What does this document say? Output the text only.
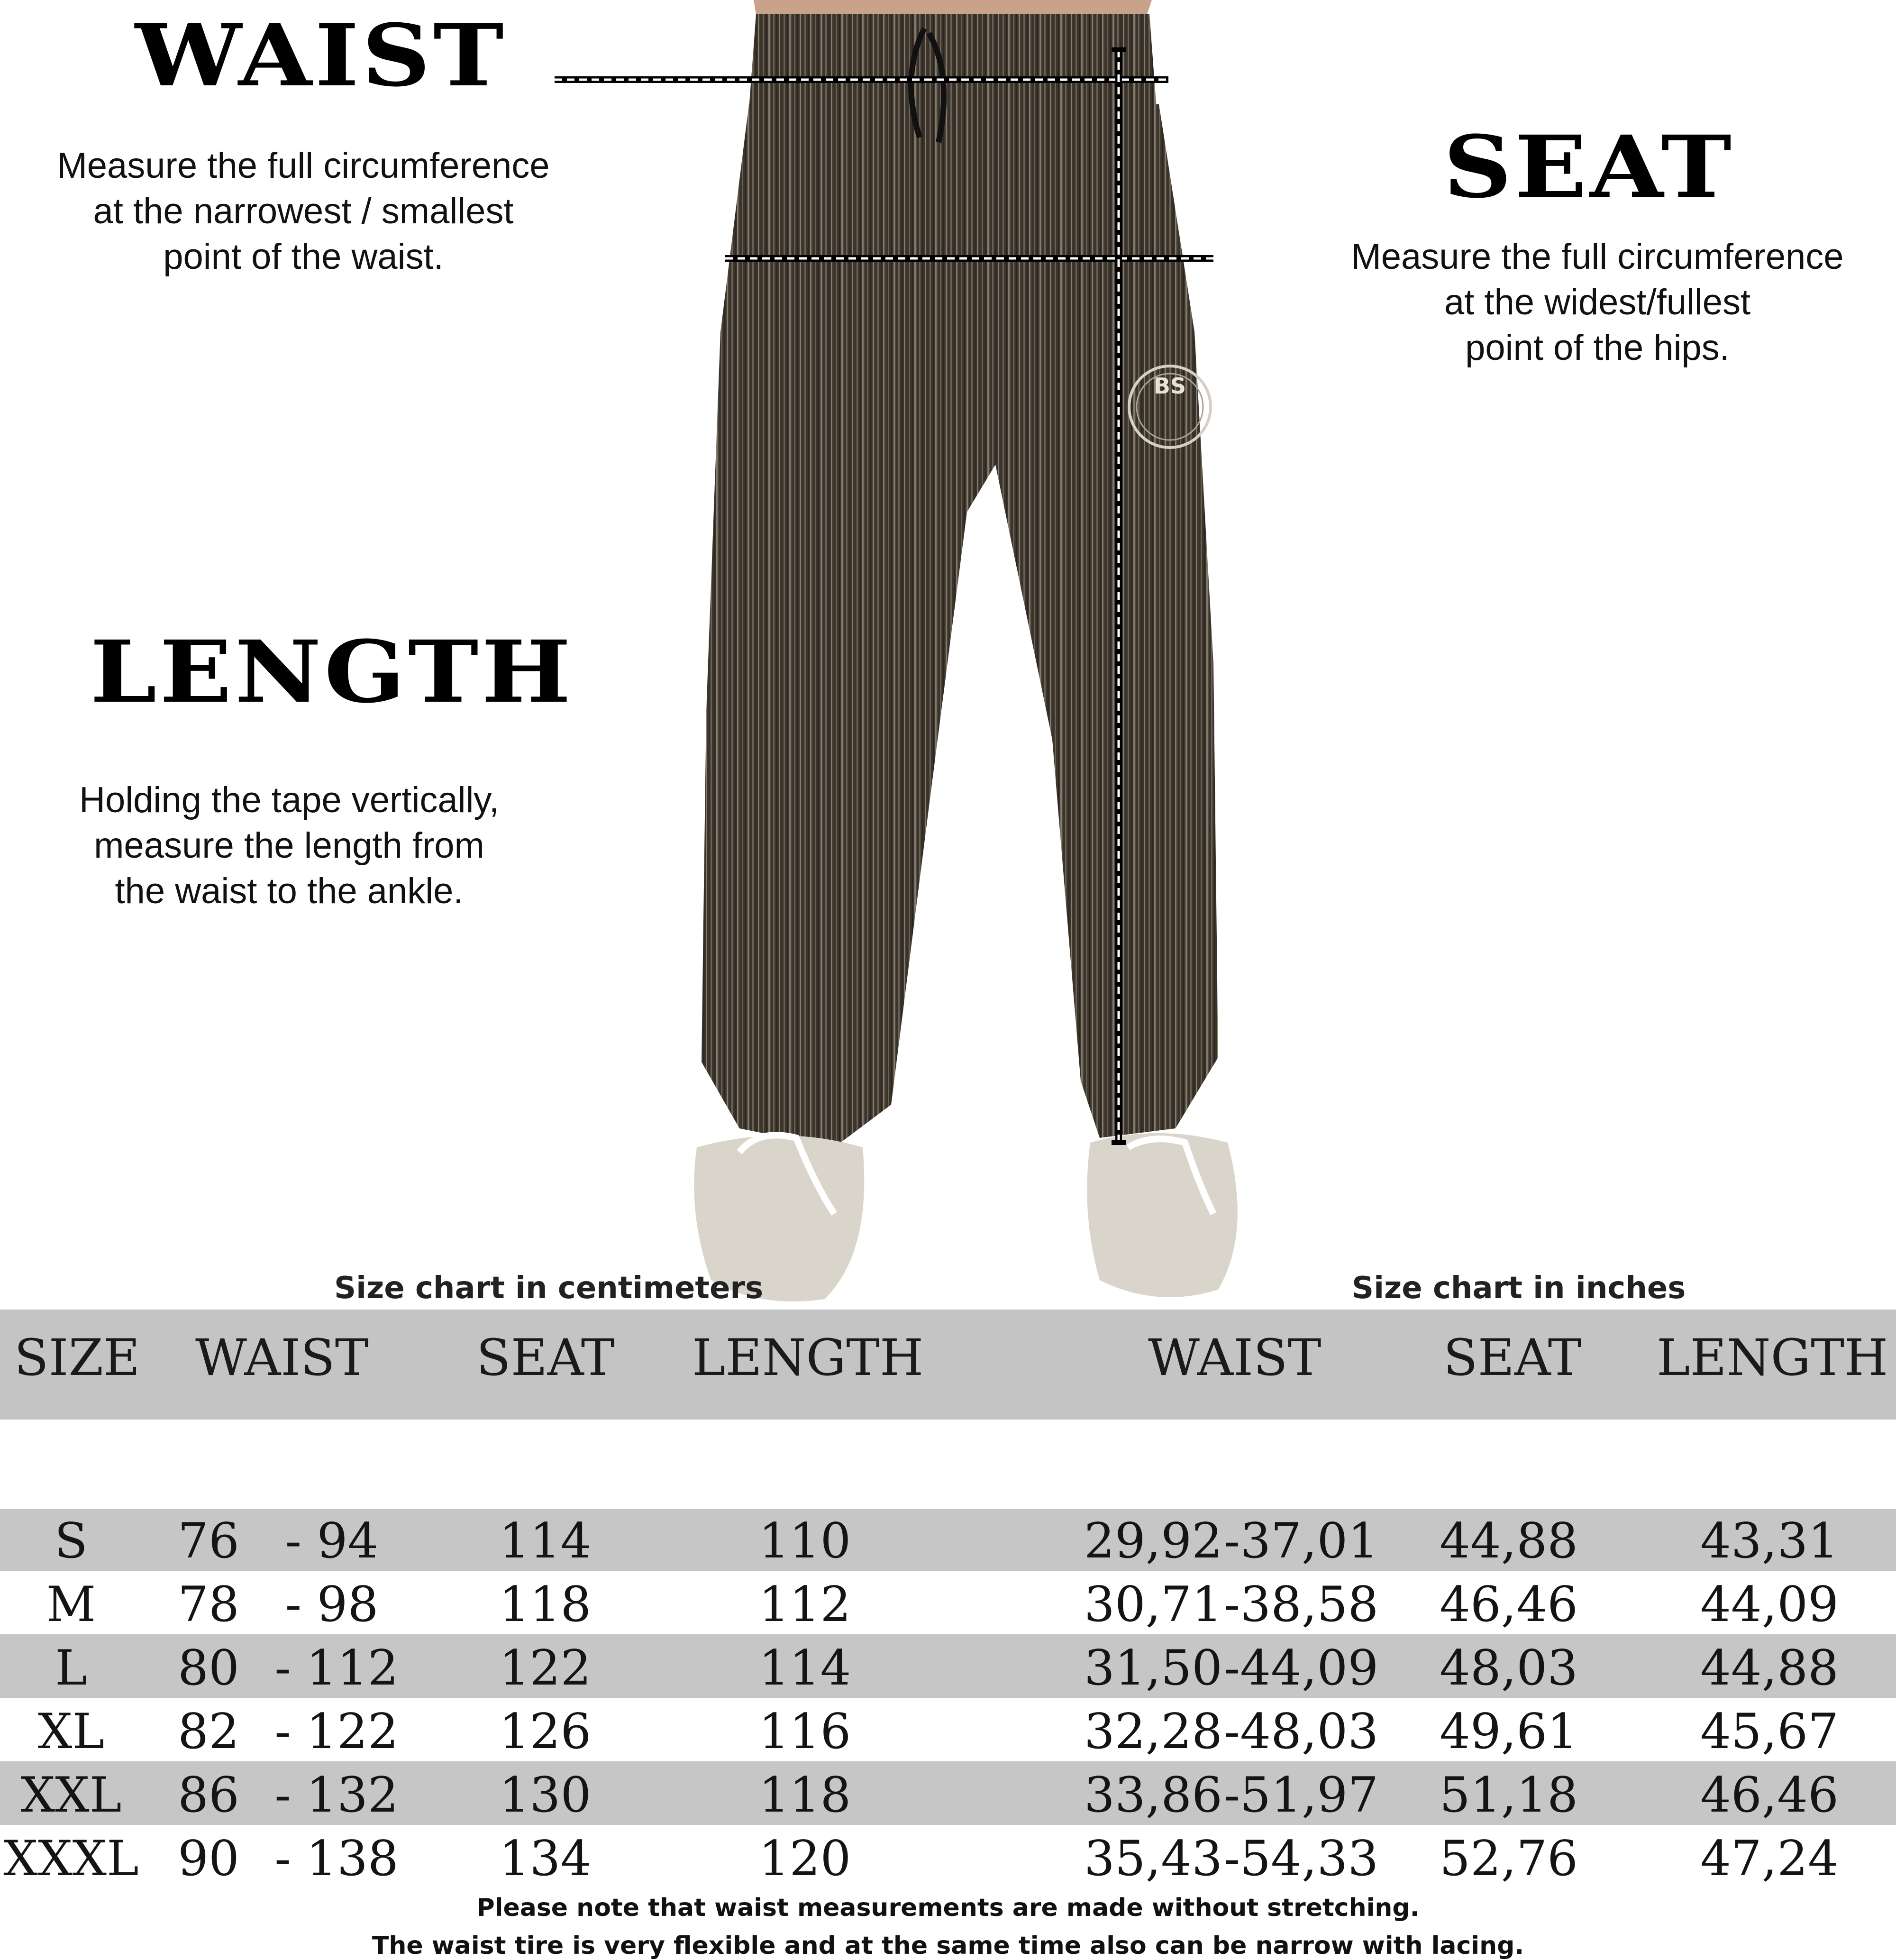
BS
WAIST
Measure the full circumference
at the narrowest / smallest
point of the waist.
SEAT
Measure the full circumference
at the widest/fullest
point of the hips.
LENGTH
Holding the tape vertically,
measure the length from
the waist to the ankle.
Size chart in centimeters	Size chart in inches
SIZE WAIST SEAT LENGTH	WAIST SEAT LENGTH
S 76 - 94 114	110	29,92 -37,01 44,88	43,31
M 78 - 98 118	112	30,71 -38,58 46,46	44,09
L 80 - 112 122	114	31,50 -44,09 48,03	44,88
XL 82 - 122 126	116	32,28 -48,03 49,61	45,67
XXL 86 - 132 130	118	33,86 -51,97 51,18	46,46
XXXL 90 - 138 134	120	35,43 -54,33 52,76	47,24
Please note that waist measurements are made without stretching.
The waist tire is very flexible and at the same time also can be narrow with lacing.
